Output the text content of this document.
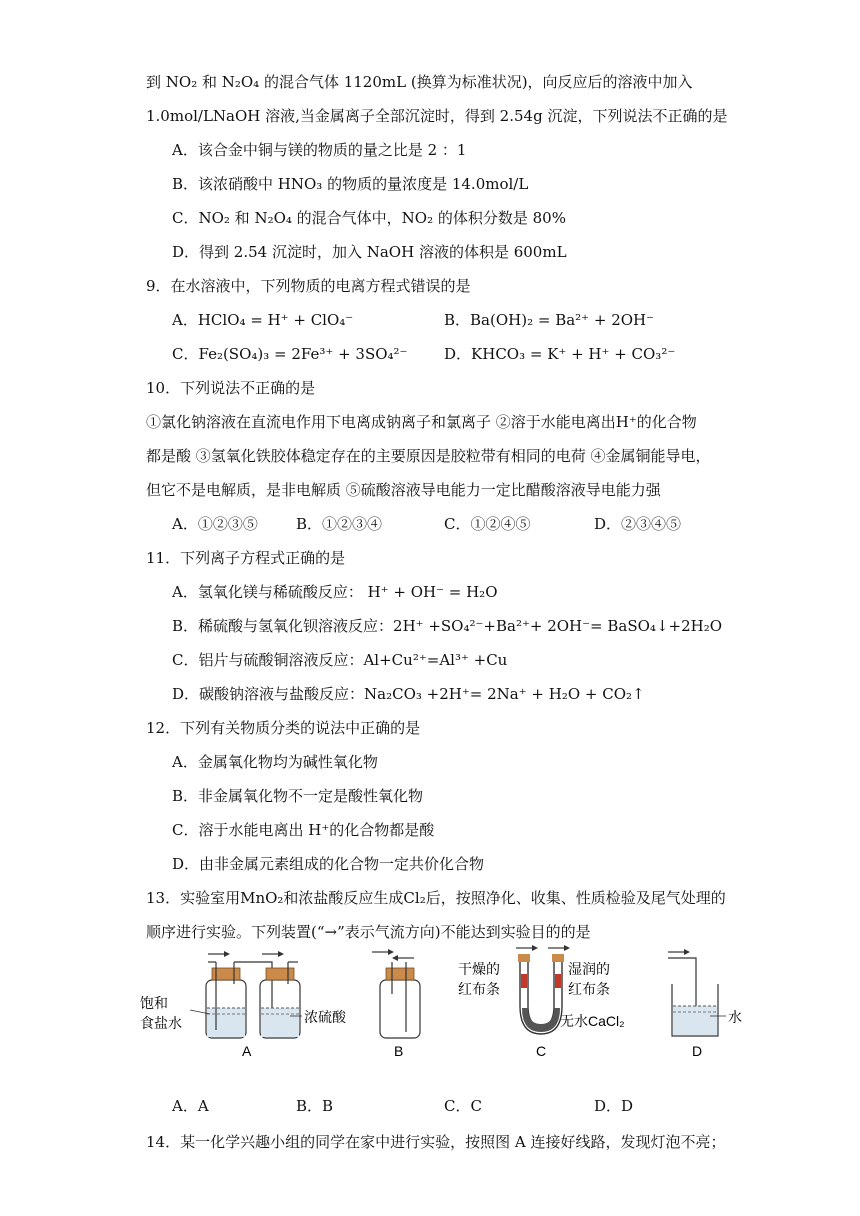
到 NO₂ 和 N₂O₄ 的混合气体 1120mL (换算为标准状况)，向反应后的溶液中加入
1.0mol/LNaOH 溶液,当金属离子全部沉淀时，得到 2.54g 沉淀，下列说法不正确的是
A．该合金中铜与镁的物质的量之比是 2 ：1
B．该浓硝酸中 HNO₃ 的物质的量浓度是 14.0mol/L
C．NO₂ 和 N₂O₄ 的混合气体中，NO₂ 的体积分数是 80%
D．得到 2.54 沉淀时，加入 NaOH 溶液的体积是 600mL
9．在水溶液中，下列物质的电离方程式错误的是
A．HClO₄ = H⁺ + ClO₄⁻	B．Ba(OH)₂ = Ba²⁺ + 2OH⁻
C．Fe₂(SO₄)₃ = 2Fe³⁺ + 3SO₄²⁻ D．KHCO₃ = K⁺ + H⁺ + CO₃²⁻
10．下列说法不正确的是
①氯化钠溶液在直流电作用下电离成钠离子和氯离子 ②溶于水能电离出H⁺的化合物
都是酸 ③氢氧化铁胶体稳定存在的主要原因是胶粒带有相同的电荷 ④金属铜能导电，
但它不是电解质，是非电解质 ⑤硫酸溶液导电能力一定比醋酸溶液导电能力强
A．①②③⑤	B．①②③④	C．①②④⑤	D．②③④⑤
11．下列离子方程式正确的是
A．氢氧化镁与稀硫酸反应： H⁺ + OH⁻ = H₂O
B．稀硫酸与氢氧化钡溶液反应：2H⁺ +SO₄²⁻+Ba²⁺+ 2OH⁻= BaSO₄↓+2H₂O
C．铝片与硫酸铜溶液反应：Al+Cu²⁺=Al³⁺ +Cu
D．碳酸钠溶液与盐酸反应：Na₂CO₃ +2H⁺= 2Na⁺ + H₂O + CO₂↑
12．下列有关物质分类的说法中正确的是
A．金属氧化物均为碱性氧化物
B．非金属氧化物不一定是酸性氧化物
C．溶于水能电离出 H⁺的化合物都是酸
D．由非金属元素组成的化合物一定共价化合物
13．实验室用MnO₂和浓盐酸反应生成Cl₂后，按照净化、收集、性质检验及尾气处理的
顺序进行实验。下列装置(“→”表示气流方向)不能达到实验目的的是
饱和
食盐水	浓硫酸
A	B
干燥的
红布条
湿润的
红布条
无水CaCl₂
C
水
D
A．A	B．B	C．C	D．D
14．某一化学兴趣小组的同学在家中进行实验，按照图 A 连接好线路，发现灯泡不亮；
